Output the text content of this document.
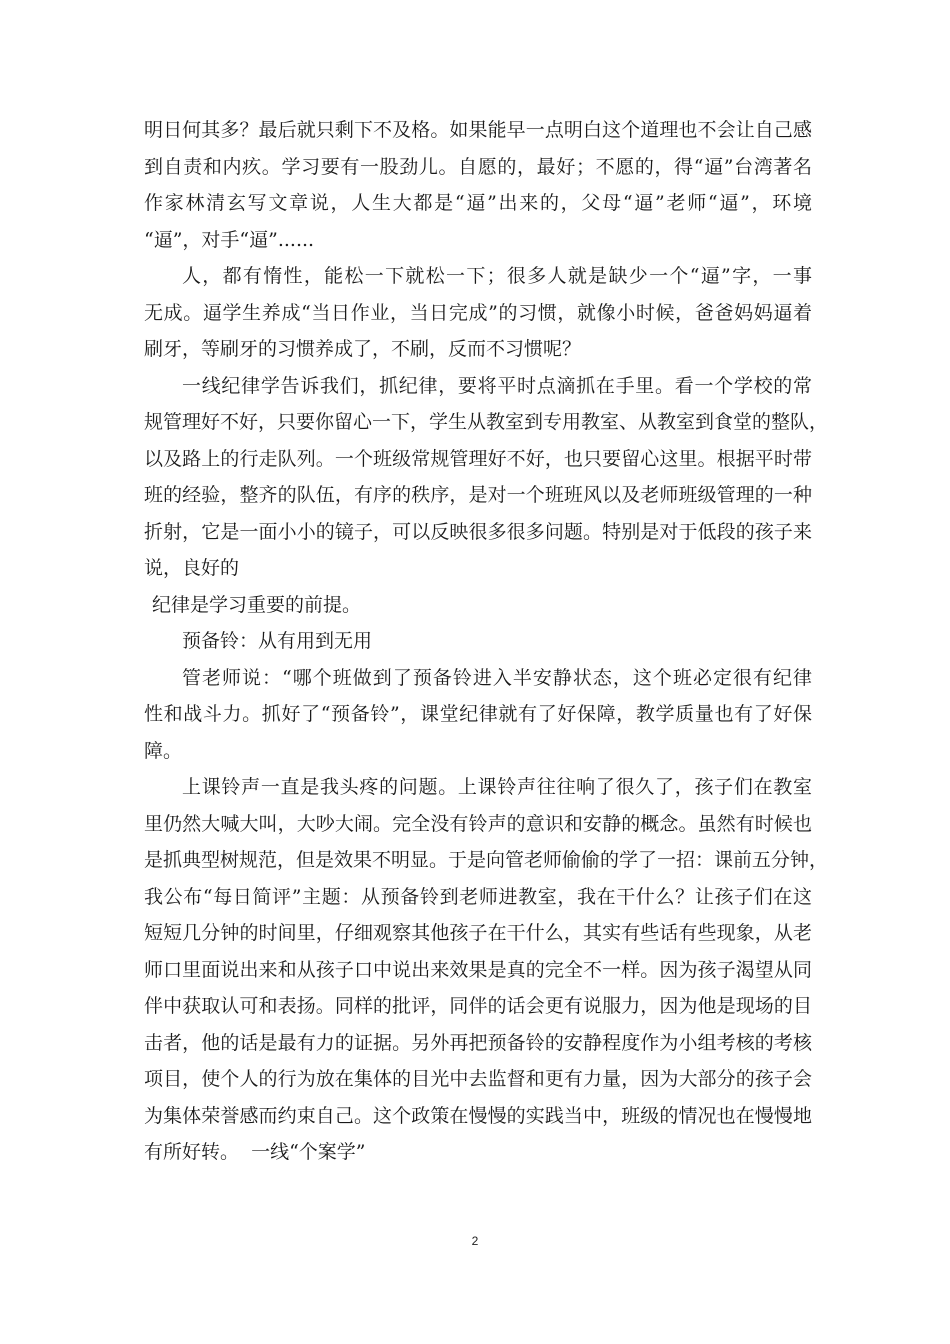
明日何其多？最后就只剩下不及格。如果能早一点明白这个道理也不会让自己感
到自责和内疚。学习要有一股劲儿。自愿的，最好；不愿的，得“逼”台湾著名
作家林清玄写文章说，人生大都是“逼”出来的，父母“逼”老师“逼”，环境
“逼”，对手“逼”......
人，都有惰性，能松一下就松一下；很多人就是缺少一个“逼”字，一事
无成。逼学生养成“当日作业，当日完成”的习惯，就像小时候，爸爸妈妈逼着
刷牙，等刷牙的习惯养成了，不刷，反而不习惯呢？
一线纪律学告诉我们，抓纪律，要将平时点滴抓在手里。看一个学校的常
规管理好不好，只要你留心一下，学生从教室到专用教室、从教室到食堂的整队，
以及路上的行走队列。一个班级常规管理好不好，也只要留心这里。根据平时带
班的经验，整齐的队伍，有序的秩序，是对一个班班风以及老师班级管理的一种
折射，它是一面小小的镜子，可以反映很多很多问题。特别是对于低段的孩子来
说，良好的
纪律是学习重要的前提。
预备铃：从有用到无用
管老师说：“哪个班做到了预备铃进入半安静状态，这个班必定很有纪律
性和战斗力。抓好了“预备铃”，课堂纪律就有了好保障，教学质量也有了好保
障。
上课铃声一直是我头疼的问题。上课铃声往往响了很久了，孩子们在教室
里仍然大喊大叫，大吵大闹。完全没有铃声的意识和安静的概念。虽然有时候也
是抓典型树规范，但是效果不明显。于是向管老师偷偷的学了一招：课前五分钟，
我公布“每日简评”主题：从预备铃到老师进教室，我在干什么？让孩子们在这
短短几分钟的时间里，仔细观察其他孩子在干什么，其实有些话有些现象，从老
师口里面说出来和从孩子口中说出来效果是真的完全不一样。因为孩子渴望从同
伴中获取认可和表扬。同样的批评，同伴的话会更有说服力，因为他是现场的目
击者，他的话是最有力的证据。另外再把预备铃的安静程度作为小组考核的考核
项目，使个人的行为放在集体的目光中去监督和更有力量，因为大部分的孩子会
为集体荣誉感而约束自己。这个政策在慢慢的实践当中，班级的情况也在慢慢地
有所好转。  一线“个案学”
2
